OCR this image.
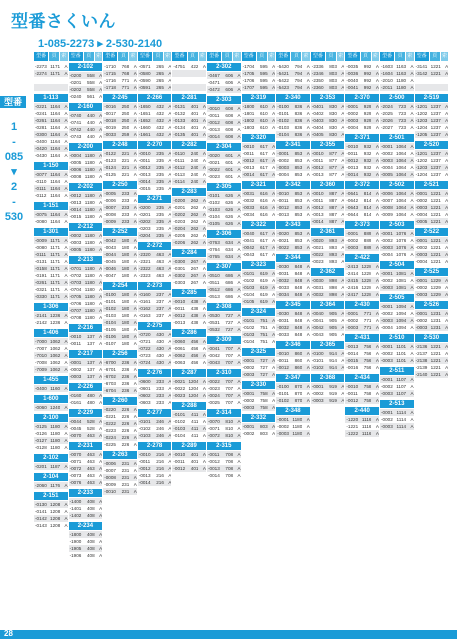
型番さくいん
1-085-2273 ▸ 2-530-2140
型番
1
-
085
▾
2
-
530
型番	頁 索
-2273 1171 A
-2274 1171 A
1-113
-0221 1164 A
-0241 1164 A
-0261 1164 A
-0281 1164 A
-0300 1164 A
-0400 1164 A
-0420 1164 A
-0430 1164 A
1-150
-0077 1164 A
-0110 1164 A
-0111 1164 A
-0112 1164 A
1-151
-0075 1164 A
-0080 1164 A
1-301
-0009 1171 A
-0080 1171 A
-0111 1171 A
-0131 1171 A
-0158 1171 A
-0191 1171 A
-0261 1171 A
-0321 1171 A
-0330 1171 A
1-306
-2141 1236 A
-2142 1236 A
1-406
-7000 1062 A
-7007 1062 A
-7010 1062 A
-7008 1062 A
-7009 1062 A
1-455
-0400 1160 A
1-600
-0060 1240 A
2-100
-0125 1180 A
-0126 1180 A
-0127 1180 A
-0128 1180 A
2-102
-0201 1187 A
2-104
-2060 1176 A
2-151
-0130 1208 A
-0141 1208 A
-0142 1208 A
-0143 1208 A
型番	頁 索
2-102
-0200	558 A
-0201	558 A
-0202	558 A
-0240	561 A
2-160
-0740	440 A
-0741	440 A
-0742	440 A
-0743	440 A
2-200
-0004 1180 A
-0005 1180 A
-0006 1180 A
-0008 1180 A
2-202
-0012 1180 A
-0013 1180 A
-0014 1180 A
-0015 1180 A
2-212
-0002 1180 A
-0003 1180 A
-0005 1180 A
2-213
-0701 1180 A
-0702 1180 A
-0703 1180 A
-0704 1180 A
-0705 1180 A
-0706 1180 A
-0707 1180 A
-0708 1180 A
2-216
-0010	137 A
-0011	137 A
2-217
-0001	137 A
-0002	137 A
-0003	137 A
2-226
-0160	480 A
-0161	480 A
2-229
-0044	528 A
-0045	528 A
-0070	463 A
2-231
-0070	463 A
-0071	463 A
-0072	463 A
-0073	463 A
-0076	463 A
2-233
-1400	408 A
-1401	408 A
-1402	408 A
2-234
-1800	408 A
-1900	408 A
-1905	408 A
-1906	408 A
型番	頁 索
-1710	768 A
-1715	768 A
-1716	771 A
-1718	771 A
2-245
-0016	250 A
-0017	250 A
-0018	250 A
-0019	250 A
-0033	259 A
2-248
-0122	221 A
-0123	221 A
-0124	221 A
-0125	221 A
2-250
-0005	233 A
-0006	233 A
-0007	233 A
-0008	233 A
-0009	233 A
2-252
-0042	180 A
-0043	180 A
-0044	180 A
-0045	180 A
-0046	180 A
-0047	180 A
2-254
-0100	180 A
-0101	180 A
-0102	180 A
-0103	180 A
-0104	180 A
-0105	180 A
-0106	180 A
-0107	180 A
2-256
-6700	236 A
-6701	236 A
-6702	236 A
-6703	236 A
-6704	236 A
2-260
-0220	226 A
-0221	226 A
-0222	226 A
-0223	226 A
-0224	226 A
-0225	226 A
2-263
-0006	231 A
-0007	231 A
-0008	231 A
-0009	231 A
-0010	231 A
型番	頁 索
-0571	265 A
-0580	265 A
-0590	265 A
-0591	265 A
2-266
-1650	432 A
-1651	432 A
-1652	432 A
-1660	432 A
-1661	432 A
2-270
-0010	235 A
-0011	235 A
-0012	235 A
-0013	235 A
-0014	235 A
-0015	235 A
2-271
-0200	235 A
-0201	235 A
-0202	235 A
-0203	235 A
-0204	235 A
2-272
-2320	463 A
-2321	463 A
-2322	463 A
-2323	463 A
2-273
-0160	237 A
-0161	237 A
-0162	237 A
-0163	237 A
2-275
-0720	430 A
-0721	430 A
-0722	430 A
-0723	430 A
-0724	430 A
2-276
-0600	233 A
-0601	233 A
-0602	233 A
-0603	233 A
2-277
-0101	246 A
-0102	246 A
-0103	246 A
2-278
-0010	216 A
-0011	216 A
-0012	216 A
-0013	216 A
-0014	216 A
型番	頁 索
-4751	422 A
2-281
-0131	401 A
-0132	401 A
-0133	401 A
-0134	401 A
-0135	401 A
2-282
-0110	240 A
-0111	240 A
-0112	240 A
-0113	240 A
-0114	240 A
2-283
-0200	262 A
-0201	262 A
-0202	262 A
-0203	262 A
-0204	262 A
-0205	262 A
-0206	262 A
2-284
-0300	267 A
-0301	267 A
-0302	267 A
-0303	267 A
2-285
-0010	438 A
-0011	438 A
-0012	438 A
-0013	438 A
2-286
-0060	456 A
-0061	456 A
-0062	456 A
-0063	456 A
2-287
-0021 1204 A
-0022 1204 A
-0023 1204 A
2-288
-0101	411 A
-0102	411 A
-0103	411 A
-0104	411 A
2-289
-0010	401 A
-0011	401 A
-0012	401 A
型番	頁 索
2-302
-0467	606 A
-0471	606 A
-0472	606 A
2-303
-0010	608 A
-0011	608 A
-0012	608 A
-0013	608 A
-0014	608 A
2-304
-0020	601 A
-0021	601 A
-0022	601 A
-0023	601 A
2-305
-0101	626 A
-0102	626 A
-0103	626 A
-0104	626 A
-0105	626 A
2-306
-0763	634 A
-0764	634 A
-0765	634 A
2-307
-0510	686 A
-0511	686 A
-0512	686 A
-0513	686 A
2-308
-0530	727 A
-0531	727 A
-0532	727 A
2-309
-0041	707 A
-0042	707 A
-0043	707 A
2-310
-0022	707 A
-0023	707 A
-0024	707 A
-0025	707 A
2-314
-0070	810 A
-0071	810 A
-0072	810 A
2-315
-0011	708 A
-0012	708 A
-0013	708 A
-0014	708 A
型番	頁 索
-1704	595 A
-1705	595 A
-1706	595 A
-1707	595 A
2-319
-1800	610 A
-1801	610 A
-1802	610 A
-1803	610 A
2-320
-0010	617 A
-0011	617 A
-0012	617 A
-0013	617 A
-0014	617 A
2-321
-0031	616 A
-0032	616 A
-0033	616 A
-0034	616 A
2-322
-0040	617 A
-0041	617 A
-0042	617 A
-0043	617 A
2-323
-0101	619 A
-0102	619 A
-0103	619 A
-0104	619 A
-0105	619 A
2-324
-0101	751 A
-0102	751 A
-0103	751 A
-0104	751 A
2-325
-0001	727 A
-0002	727 A
-0003	727 A
2-330
-0001	758 A
-0002	758 A
-0003	758 A
2-332
-0001	803 A
-0002	803 A
型番	頁 索
-5420	794 A
-5421	794 A
-5422	794 A
-5423	794 A
2-340
-0100	836 A
-0101	836 A
-0102	836 A
-0103	836 A
-0104	836 A
2-341
-0001	853 A
-0002	853 A
-0003	853 A
-0004	853 A
2-342
-0010	853 A
-0011	853 A
-0012	853 A
-0013	853 A
2-343
-0020	853 A
-0021	853 A
-0022	853 A
2-344
-0030	848 A
-0031	848 A
-0032	848 A
-0033	848 A
-0034	848 A
2-345
-0030	848 A
-0031	848 A
-0032	848 A
-0033	848 A
2-346
-0010	860 A
-0011	860 A
-0012	860 A
2-347
-0100	870 A
-0101	870 A
-0102	870 A
2-348
-0001 1180 A
-0002 1180 A
-0003 1180 A
型番	頁 索
-2336	803 A
-2346	803 A
-2350	803 A
-2360	803 A
2-353
-0401	830 A
-0402	830 A
-0403	830 A
-0404	830 A
-0405	830 A
2-355
-0010	877 A
-0011	877 A
-0012	877 A
-0013	877 A
2-360
-0010	887 A
-0011	887 A
-0012	887 A
-0013	887 A
-0014	887 A
2-361
-0020	893 A
-0021	893 A
-0022	893 A
-0023	893 A
2-362
-0030	898 A
-0031	898 A
-0032	898 A
2-364
-0040	905 A
-0041	905 A
-0042	905 A
-0043	905 A
2-365
-0100	914 A
-0101	914 A
-0102	914 A
2-368
-0001	919 A
-0002	919 A
-0003	919 A
型番	頁 索
-0035	992 A
-0036	992 A
-0040	992 A
-0041	992 A
2-370
-0001	929 A
-0002	929 A
-0003	929 A
-0004	929 A
2-371
-0010	932 A
-0011	932 A
-0012	932 A
-0013	932 A
-0014	932 A
2-372
-0641	814 A
-0642	814 A
-0643	814 A
-0644	814 A
2-373
-0001	889 A
-0002	889 A
-0003	889 A
2-422
-2413 1228 A
-2414 1228 A
-2415 1228 A
-2416 1228 A
-2417 1228 A
2-430
-0001	771 A
-0002	771 A
-0003	771 A
2-431
-0013	756 A
-0014	756 A
-0015	756 A
-0016	756 A
2-434
-0010	758 A
-0011	758 A
-0012	758 A
2-440
-1220 1116 A
-1221 1116 A
-1222 1116 A
型番	頁 索
-1603 1163 A
-1604 1163 A
-2010 1180 A
-2011 1180 A
2-500
-2024	723 A
-2025	723 A
-2026	723 A
-2027	723 A
2-501
-0001 1064 A
-0002 1064 A
-0003 1064 A
-0004 1064 A
-0005 1064 A
2-502
-0006 1064 A
-0007 1064 A
-0008 1064 A
-0009 1064 A
2-503
-0001 1076 A
-0002 1076 A
-0003 1076 A
-0004 1076 A
2-504
-0001 1081 A
-0002 1081 A
-0003 1081 A
2-505
-0001 1094 A
-0002 1094 A
-0003 1094 A
-0004 1094 A
2-510
-0001 1101 A
-0002 1101 A
-0003 1101 A
2-511
-0001 1107 A
-0002 1107 A
-0003 1107 A
2-513
-0001 1114 A
-0002 1114 A
-0003 1114 A
型番	頁 索
-3141 1221 A
-3142 1221 A
2-519
-1201 1237 A
-1202 1237 A
-1203 1237 A
-1204 1237 A
-1205 1237 A
2-520
-1201 1237 A
-1202 1237 A
-1203 1237 A
-1204 1237 A
2-521
-0001 1221 A
-0002 1221 A
-0003 1221 A
-0004 1221 A
-0005 1221 A
2-522
-0001 1221 A
-0002 1221 A
-0003 1221 A
-0004 1221 A
2-525
-0001 1229 A
-0002 1229 A
-0003 1229 A
2-526
-0001 1231 A
-0002 1231 A
-0003 1231 A
2-530
-2136 1221 A
-2137 1221 A
-2138 1221 A
-2139 1221 A
-2140 1221 A
28
